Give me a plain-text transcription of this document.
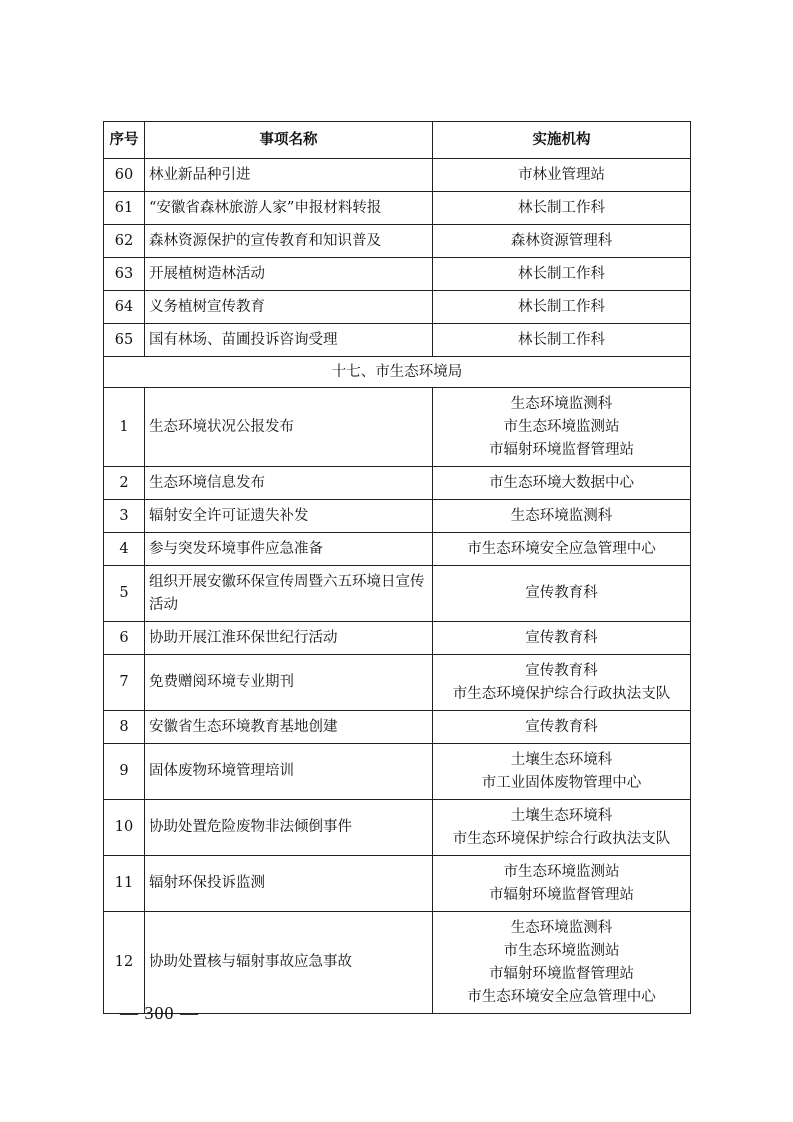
序号	事项名称	实施机构
60	林业新品种引进	市林业管理站

61	“安徽省森林旅游人家”申报材料转报	林长制工作科

62	森林资源保护的宣传教育和知识普及	森林资源管理科

63	开展植树造林活动	林长制工作科

64	义务植树宣传教育	林长制工作科

65	国有林场、苗圃投诉咨询受理	林长制工作科

十七、市生态环境局		
1	生态环境状况公报发布	生态环境监测科
市生态环境监测站
市辐射环境监督管理站

2	生态环境信息发布	市生态环境大数据中心

3	辐射安全许可证遗失补发	生态环境监测科

4	参与突发环境事件应急准备	市生态环境安全应急管理中心

5	组织开展安徽环保宣传周暨六五环境日宣传活动	宣传教育科

6	协助开展江淮环保世纪行活动	宣传教育科

7	免费赠阅环境专业期刊	宣传教育科
市生态环境保护综合行政执法支队

8	安徽省生态环境教育基地创建	宣传教育科

9	固体废物环境管理培训	土壤生态环境科
市工业固体废物管理中心

10	协助处置危险废物非法倾倒事件	土壤生态环境科
市生态环境保护综合行政执法支队

11	辐射环保投诉监测	市生态环境监测站
市辐射环境监督管理站

12	协助处置核与辐射事故应急事故	生态环境监测科
市生态环境监测站
市辐射环境监督管理站
市生态环境安全应急管理中心
— 300 —
